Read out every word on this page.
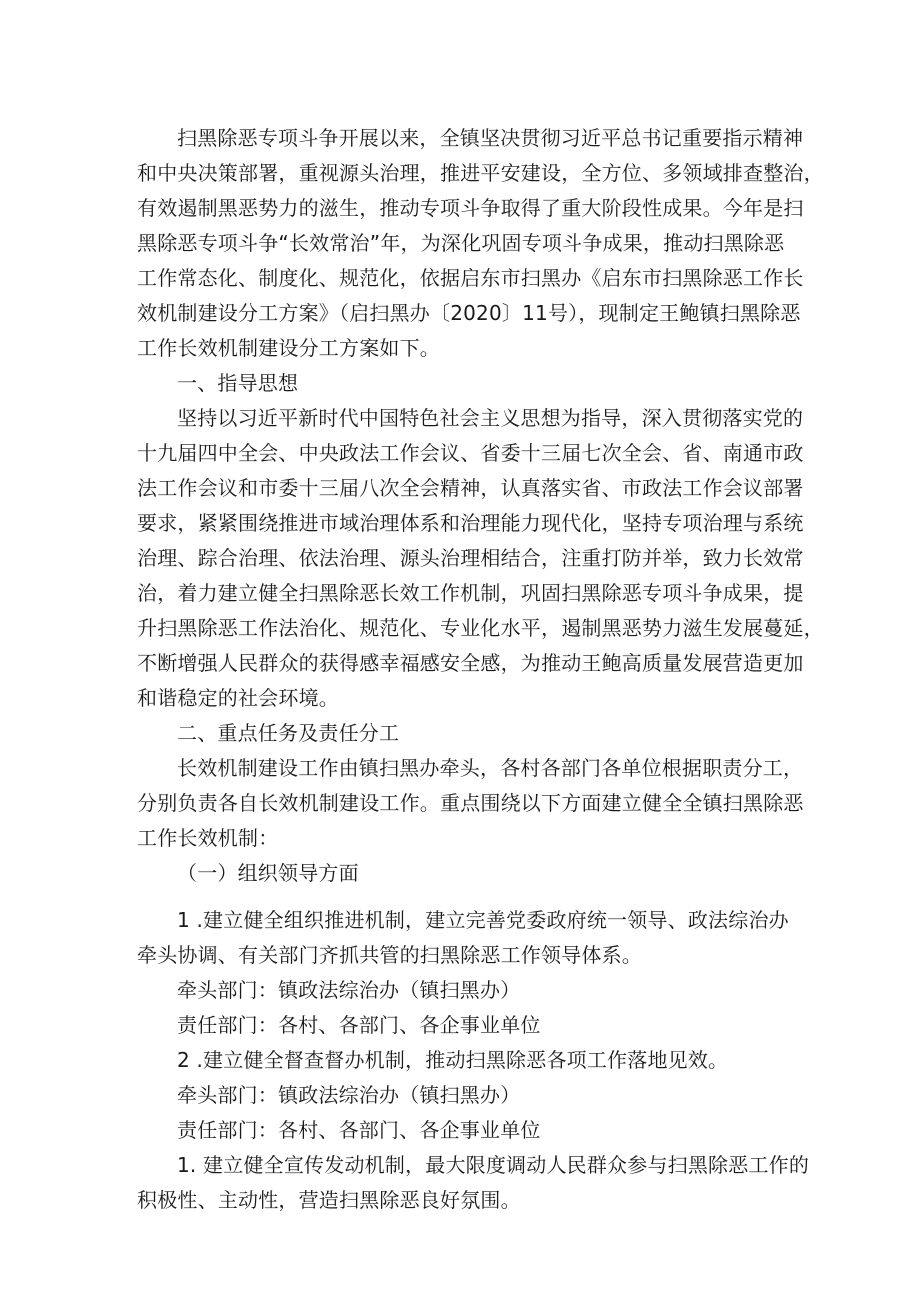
扫黑除恶专项斗争开展以来，全镇坚决贯彻习近平总书记重要指示精神
和中央决策部署，重视源头治理，推进平安建设，全方位、多领域排查整治，
有效遏制黑恶势力的滋生，推动专项斗争取得了重大阶段性成果。今年是扫
黑除恶专项斗争“长效常治”年，为深化巩固专项斗争成果，推动扫黑除恶
工作常态化、制度化、规范化，依据启东市扫黑办《启东市扫黑除恶工作长
效机制建设分工方案》（启扫黑办〔2020〕11号），现制定王鲍镇扫黑除恶
工作长效机制建设分工方案如下。
一、指导思想
坚持以习近平新时代中国特色社会主义思想为指导，深入贯彻落实党的
十九届四中全会、中央政法工作会议、省委十三届七次全会、省、南通市政
法工作会议和市委十三届八次全会精神，认真落实省、市政法工作会议部署
要求，紧紧围绕推进市域治理体系和治理能力现代化，坚持专项治理与系统
治理、踪合治理、依法治理、源头治理相结合，注重打防并举，致力长效常
治，着力建立健全扫黑除恶长效工作机制，巩固扫黑除恶专项斗争成果，提
升扫黑除恶工作法治化、规范化、专业化水平，遏制黑恶势力滋生发展蔓延，
不断增强人民群众的获得感幸福感安全感，为推动王鲍高质量发展营造更加
和谐稳定的社会环境。
二、重点任务及责任分工
长效机制建设工作由镇扫黑办牵头，各村各部门各单位根据职责分工，
分别负责各自长效机制建设工作。重点围绕以下方面建立健全全镇扫黑除恶
工作长效机制：
（一）组织领导方面
1 .建立健全组织推进机制，建立完善党委政府统一领导、政法综治办
牵头协调、有关部门齐抓共管的扫黑除恶工作领导体系。
牵头部门：镇政法综治办（镇扫黑办）
责任部门：各村、各部门、各企事业单位
2 .建立健全督查督办机制，推动扫黑除恶各项工作落地见效。
牵头部门：镇政法综治办（镇扫黑办）
责任部门：各村、各部门、各企事业单位
1. 建立健全宣传发动机制，最大限度调动人民群众参与扫黑除恶工作的
积极性、主动性，营造扫黑除恶良好氛围。
